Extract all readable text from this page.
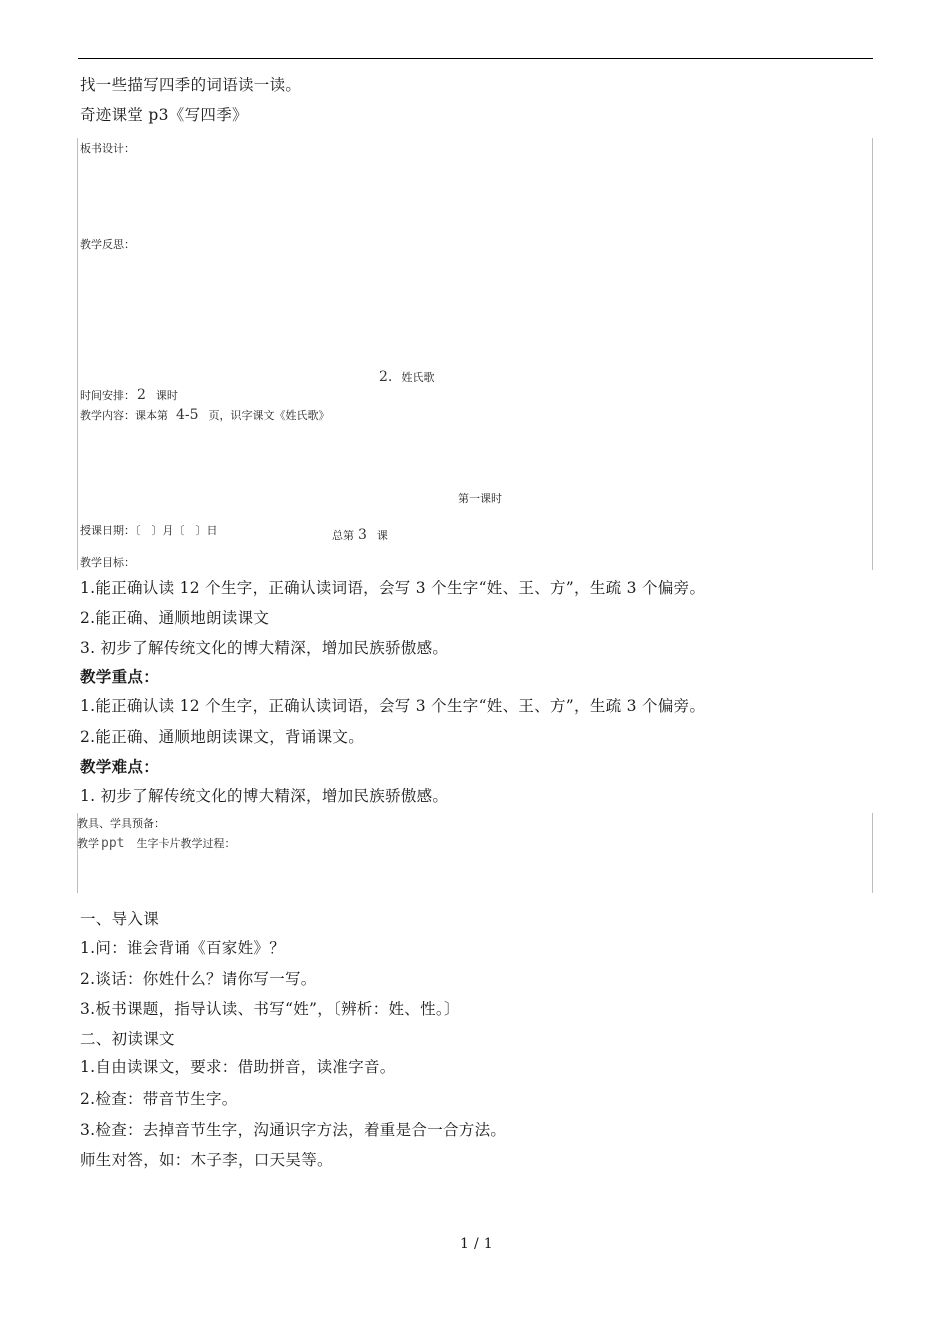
找一些描写四季的词语读一读。
奇迹课堂 p3《写四季》
板书设计：
教学反思：
2. 姓氏歌
时间安排： 2 课时
教学内容：课本第 4-5 页，识字课文《姓氏歌》
第一课时
授课日期：〔　〕月〔　〕日	总第 3 课
教学目标：
1.能正确认读 12 个生字，正确认读词语，会写 3 个生字“姓、王、方”，生疏 3 个偏旁。
2.能正确、通顺地朗读课文
3. 初步了解传统文化的博大精深，增加民族骄傲感。
教学重点：
1.能正确认读 12 个生字，正确认读词语，会写 3 个生字“姓、王、方”，生疏 3 个偏旁。
2.能正确、通顺地朗读课文，背诵课文。
教学难点：
1. 初步了解传统文化的博大精深，增加民族骄傲感。
教具、学具预备：
教学 ppt 生字卡片教学过程：
一、导入课
1.问：谁会背诵《百家姓》？
2.谈话：你姓什么？请你写一写。
3.板书课题，指导认读、书写“姓”，〔辨析：姓、性。〕
二、初读课文
1.自由读课文，要求：借助拼音，读准字音。
2.检查：带音节生字。
3.检查：去掉音节生字，沟通识字方法，着重是合一合方法。
师生对答，如：木子李，口天吴等。
1 / 1
